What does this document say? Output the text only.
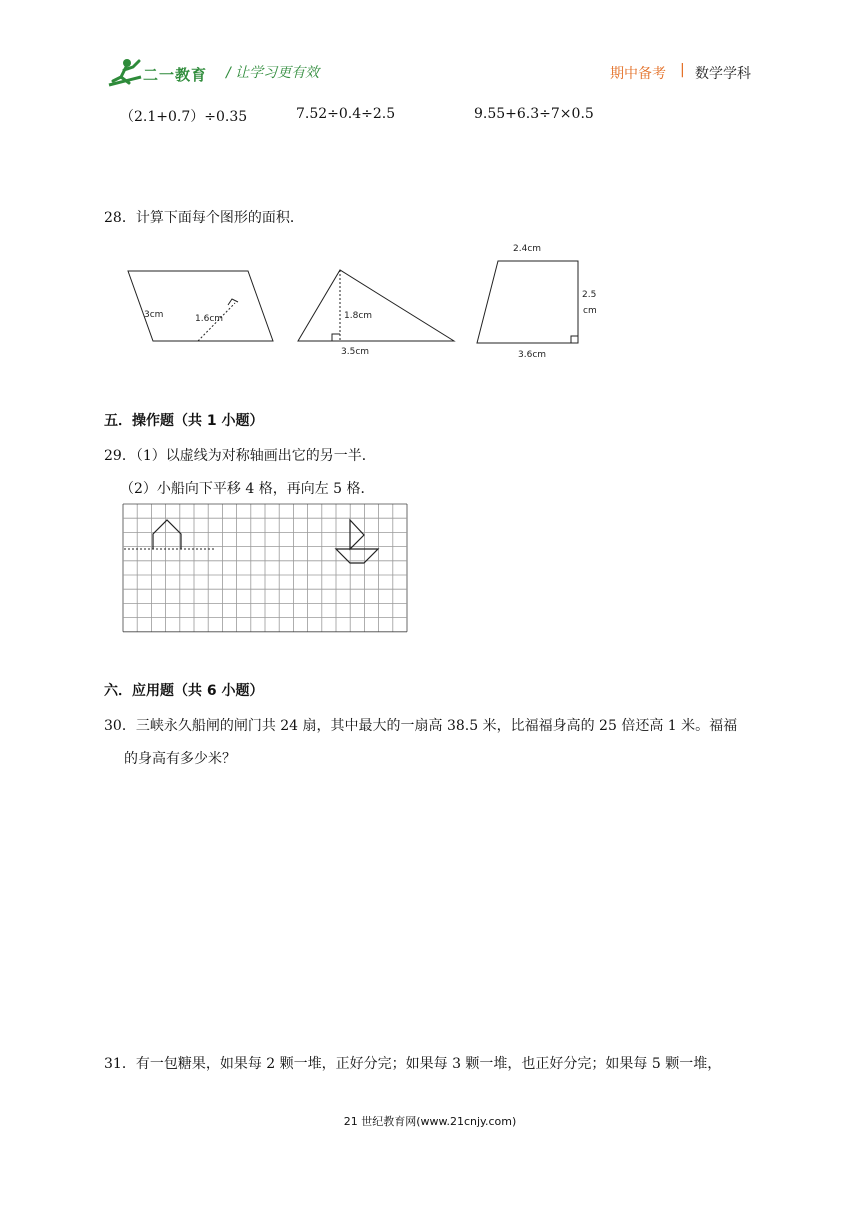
二一教育 / 让学习更有效	期中备考 | 数学学科
（2.1+0.7）÷0.35	7.52÷0.4÷2.5	9.55+6.3÷7×0.5
28．计算下面每个图形的面积．
3cm	1.6cm	1.8cm
3.5cm
2.4cm
2.5
cm
3.6cm
五．操作题（共 1 小题）
29．（1）以虚线为对称轴画出它的另一半．
（2）小船向下平移 4 格，再向左 5 格．
六．应用题（共 6 小题）
30．三峡永久船闸的闸门共 24 扇，其中最大的一扇高 38.5 米，比福福身高的 25 倍还高 1 米。福福
的身高有多少米？
31．有一包糖果，如果每 2 颗一堆，正好分完；如果每 3 颗一堆，也正好分完；如果每 5 颗一堆，
21 世纪教育网(www.21cnjy.com)
